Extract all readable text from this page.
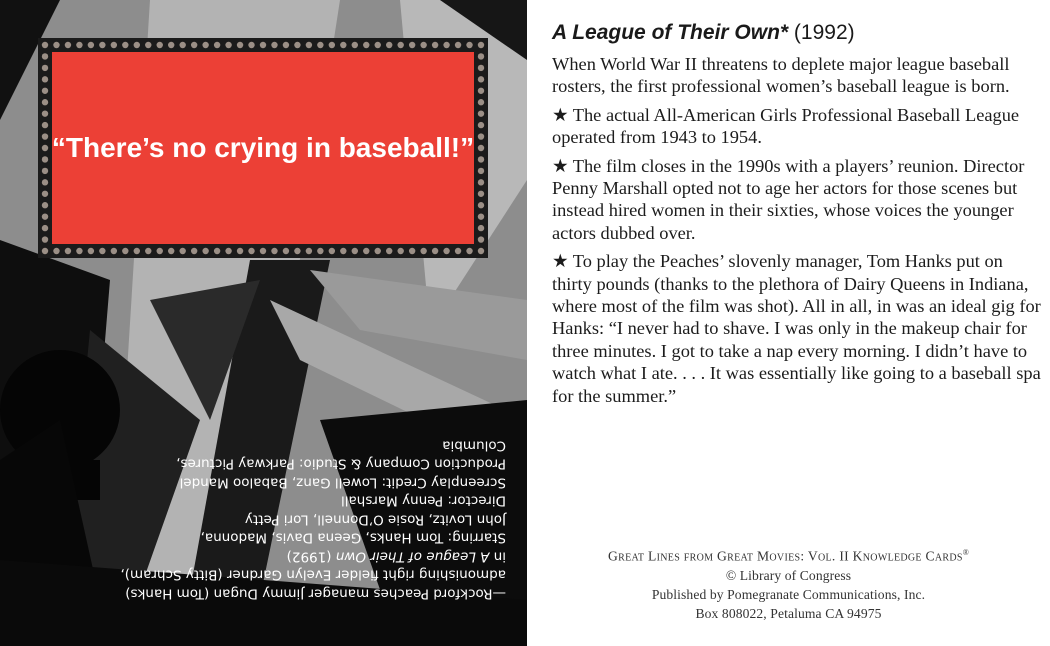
“There’s no crying in baseball!”
—Rockford Peaches manager Jimmy Dugan (Tom Hanks)
admonishing right fielder Evelyn Gardner (Bitty Schram),
in A League of Their Own (1992)
Starring: Tom Hanks, Geena Davis, Madonna,
John Lovitz, Rosie O’Donnell, Lori Petty
Director: Penny Marshall
Screenplay Credit: Lowell Ganz, Babaloo Mandel
Production Company & Studio: Parkway Pictures,
Columbia
A League of Their Own* (1992)

When World War II threatens to deplete major league baseball rosters, the first professional women’s baseball league is born.

★ The actual All-American Girls Professional Baseball League operated from 1943 to 1954.

★ The film closes in the 1990s with a players’ reunion. Director Penny Marshall opted not to age her actors for those scenes but instead hired women in their sixties, whose voices the younger actors dubbed over.

★ To play the Peaches’ slovenly manager, Tom Hanks put on thirty pounds (thanks to the plethora of Dairy Queens in Indiana, where most of the film was shot). All in all, in was an ideal gig for Hanks: “I never had to shave. I was only in the makeup chair for three minutes. I got to take a nap every morning. I didn’t have to watch what I ate. . . . It was essentially like going to a baseball spa for the summer.”

Great Lines from Great Movies: Vol. II Knowledge Cards®
© Library of Congress
Published by Pomegranate Communications, Inc.
Box 808022, Petaluma CA 94975
